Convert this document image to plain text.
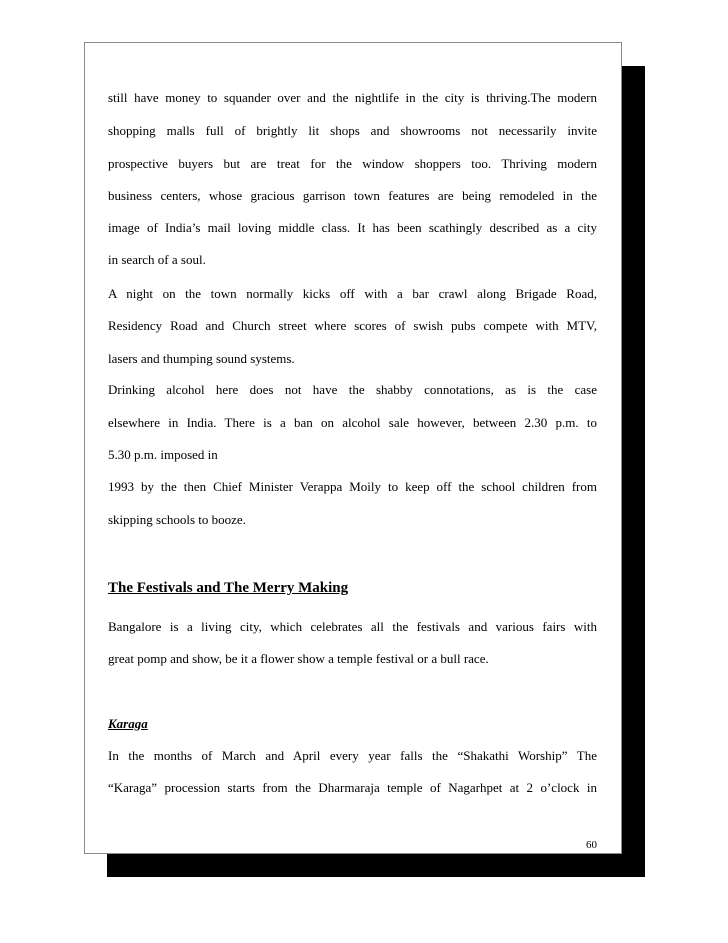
still have money to squander over and the nightlife in the city is thriving.The modern
shopping malls full of brightly lit shops and showrooms not necessarily invite
prospective buyers but are treat for the window shoppers too. Thriving modern
business centers, whose gracious garrison town features are being remodeled in the
image of India’s mail loving middle class. It has been scathingly described as a city
in search of a soul.
A night on the town normally kicks off with a bar crawl along Brigade Road,
Residency Road and Church street where scores of swish pubs compete with MTV,
lasers and thumping sound systems.
Drinking alcohol here does not have the shabby connotations, as is the case
elsewhere in India. There is a ban on alcohol sale however, between 2.30 p.m. to
5.30 p.m. imposed in
1993 by the then Chief Minister Verappa Moily to keep off the school children from
skipping schools to booze.
The Festivals and The Merry Making
Bangalore is a living city, which celebrates all the festivals and various fairs with
great pomp and show, be it a flower show a temple festival or a bull race.
Karaga
In the months of March and April every year falls the “Shakathi Worship” The
“Karaga” procession starts from the Dharmaraja temple of Nagarhpet at 2 o’clock in
60
